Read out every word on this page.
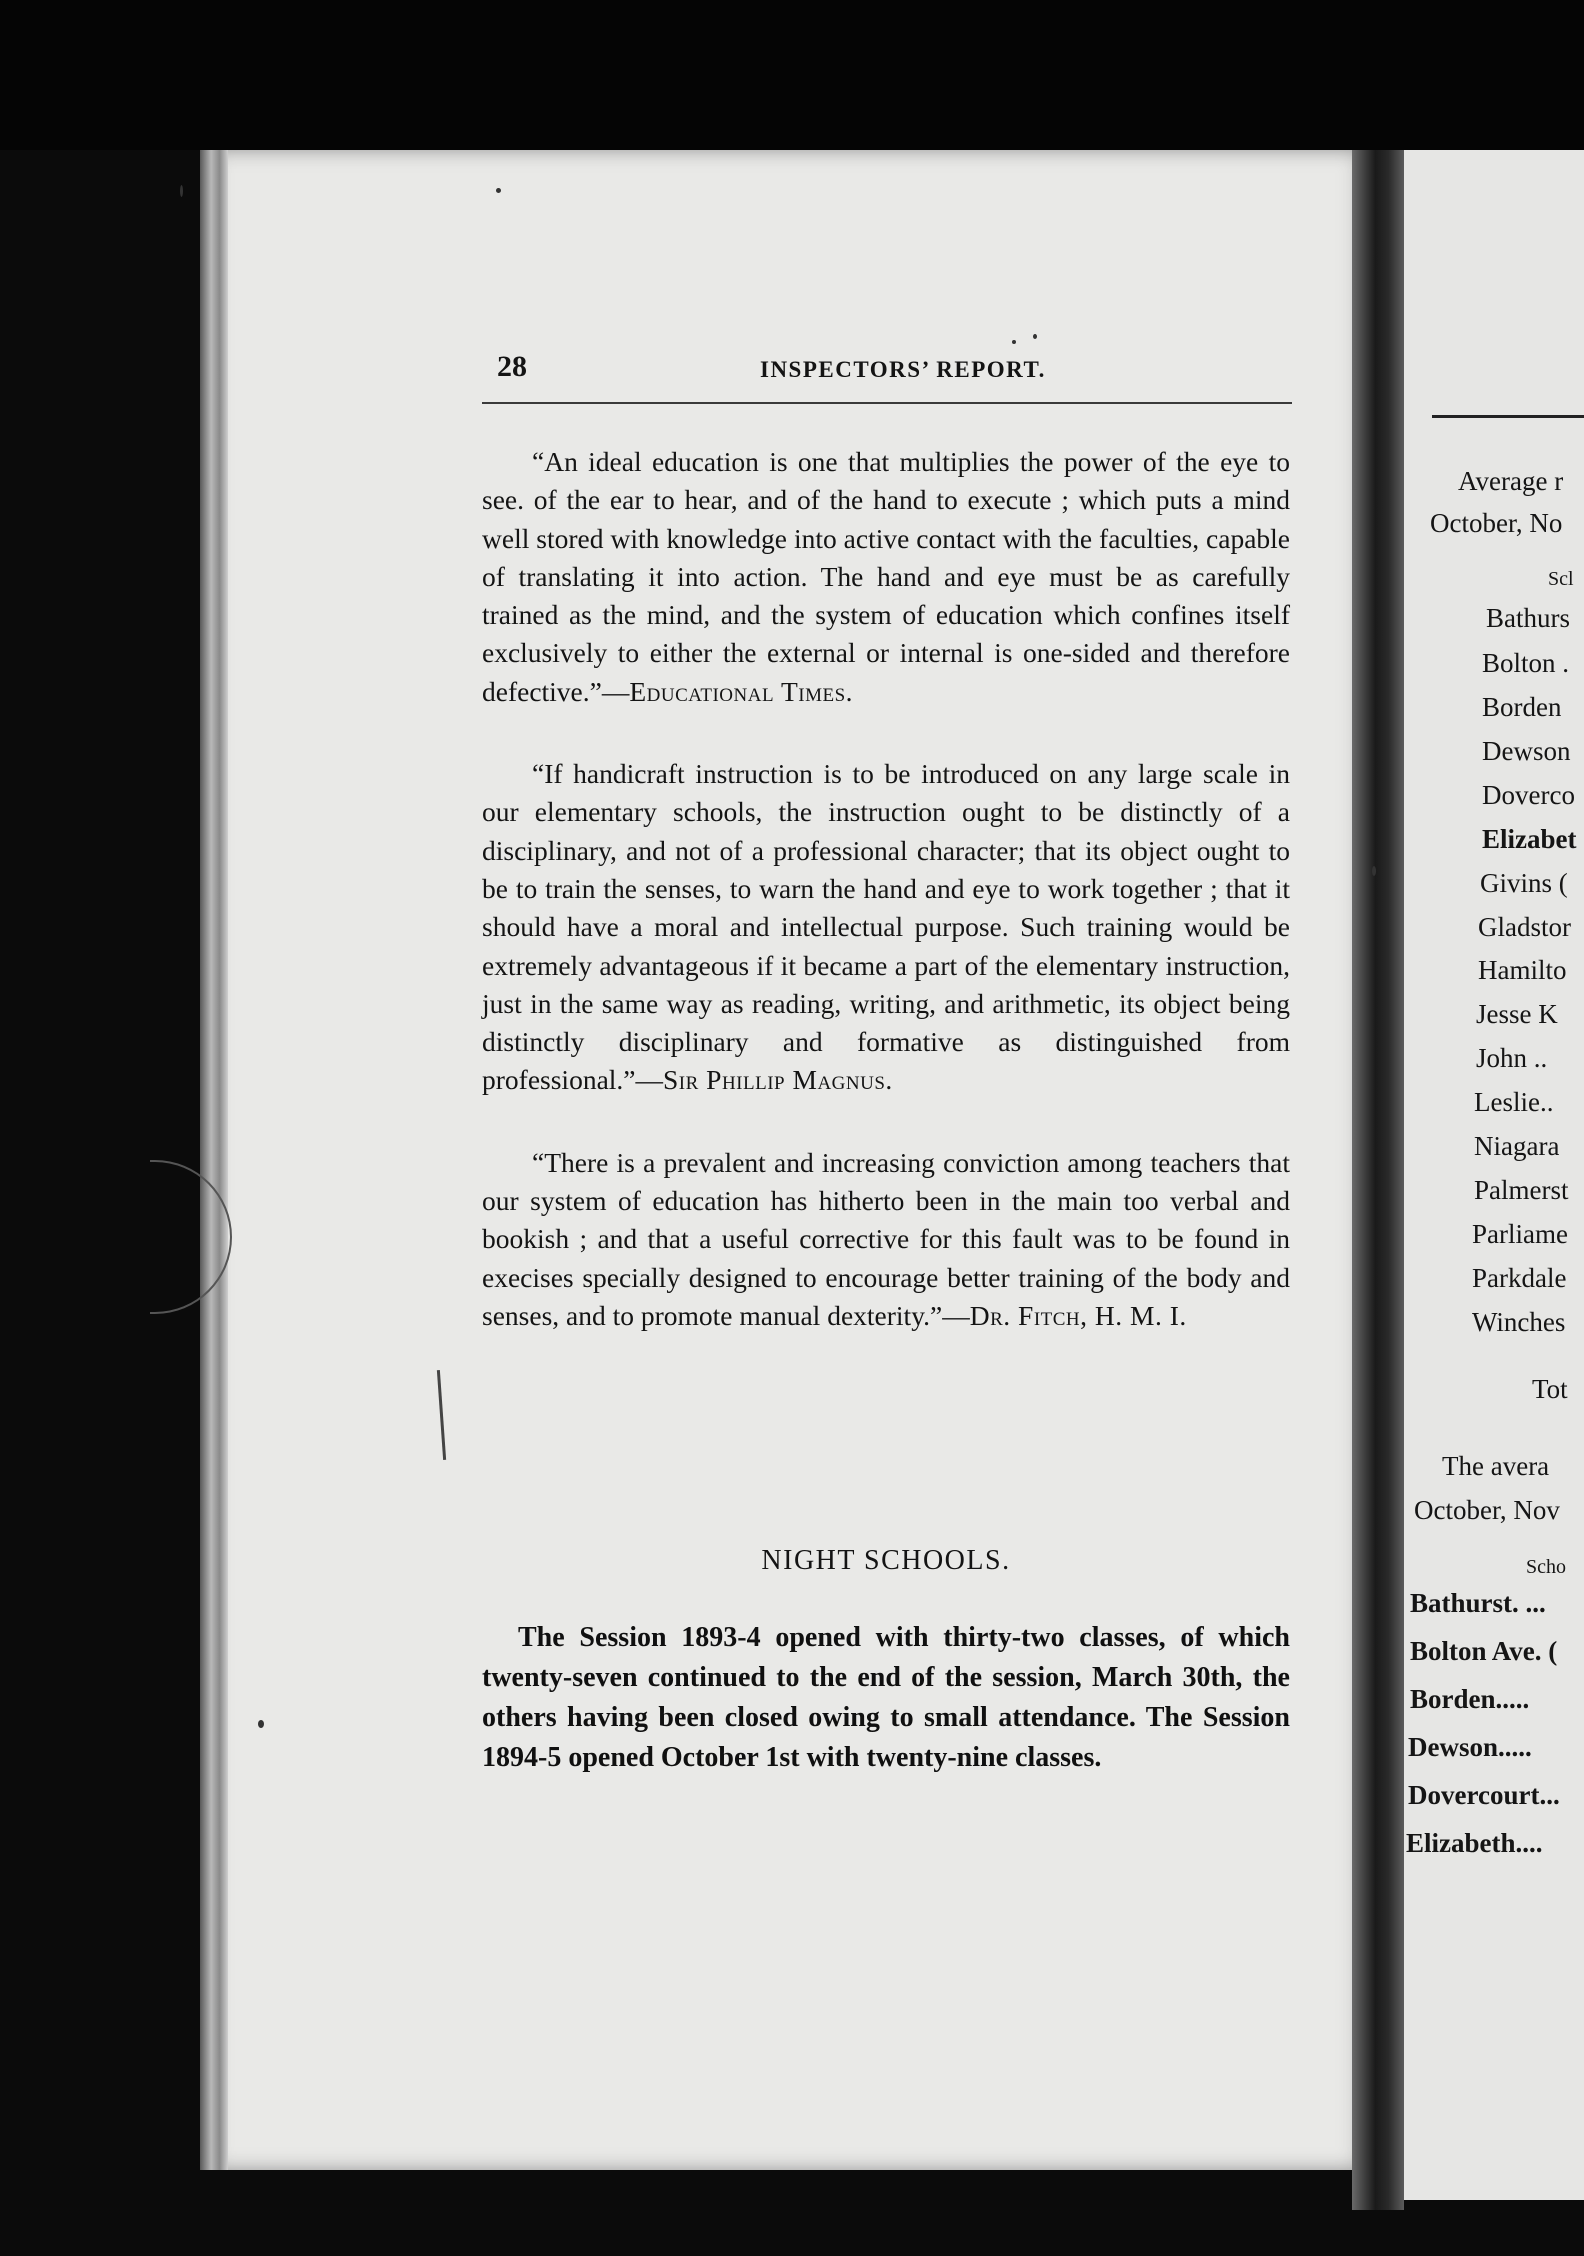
28	INSPECTORS’ REPORT.

“An ideal education is one that multiplies the power of the eye to see. of the ear to hear, and of the hand to execute ; which puts a mind well stored with knowledge into active contact with the faculties, capable of translating it into action. The hand and eye must be as carefully trained as the mind, and the system of education which confines itself exclusively to either the external or internal is one-sided and therefore defective.”—Educational Times.

“If handicraft instruction is to be introduced on any large scale in our elementary schools, the instruction ought to be distinctly of a disciplinary, and not of a professional character; that its object ought to be to train the senses, to warn the hand and eye to work together ; that it should have a moral and intellectual purpose. Such training would be extremely advantageous if it became a part of the elementary instruction, just in the same way as reading, writing, and arithmetic, its object being distinctly disciplinary and formative as distinguished from professional.”—Sir Phillip Magnus.

“There is a prevalent and increasing conviction among teachers that our system of education has hitherto been in the main too verbal and bookish ; and that a useful corrective for this fault was to be found in execises specially designed to encourage better training of the body and senses, and to promote manual dexterity.”—Dr. Fitch, H. M. I.

NIGHT SCHOOLS.
The Session 1893-4 opened with thirty-two classes, of which twenty-seven continued to the end of the session, March 30th, the others having been closed owing to small attendance. The Session 1894-5 opened October 1st with twenty-nine classes.
Average r
October, No
Scl
Bathurs
Bolton .
Borden
Dewson
Doverco
Elizabet
Givins (
Gladstor
Hamilto
Jesse K
John ..
Leslie..
Niagara
Palmerst
Parliame
Parkdale
Winches
Tot
The avera
October, Nov
Scho
Bathurst. ...
Bolton Ave. (
Borden.....
Dewson.....
Dovercourt...
Elizabeth....
